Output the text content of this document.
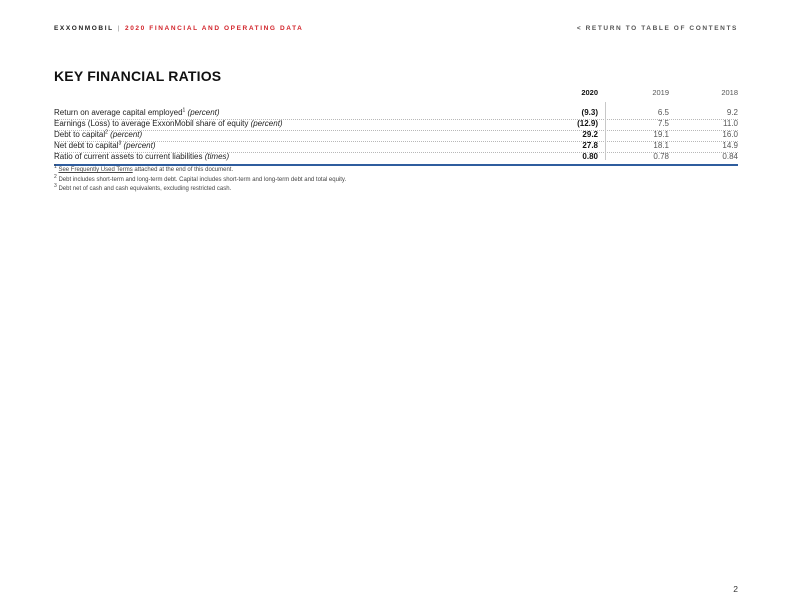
EXXONMOBIL | 2020 FINANCIAL AND OPERATING DATA	< RETURN TO TABLE OF CONTENTS
KEY FINANCIAL RATIOS
2020	2019	2018
Return on average capital employed$^1$ (percent)	(9.3)	6.5	9.2
Earnings (Loss) to average ExxonMobil share of equity (percent)	(12.9)	7.5	11.0
Debt to capital$^2$ (percent)	29.2	19.1	16.0
Net debt to capital$^3$ (percent)	27.8	18.1	14.9
Ratio of current assets to current liabilities (times)	0.80	0.78	0.84
$^1$ See Frequently Used Terms attached at the end of this document.
$^2$ Debt includes short-term and long-term debt. Capital includes short-term and long-term debt and total equity.
$^3$ Debt net of cash and cash equivalents, excluding restricted cash.
2
